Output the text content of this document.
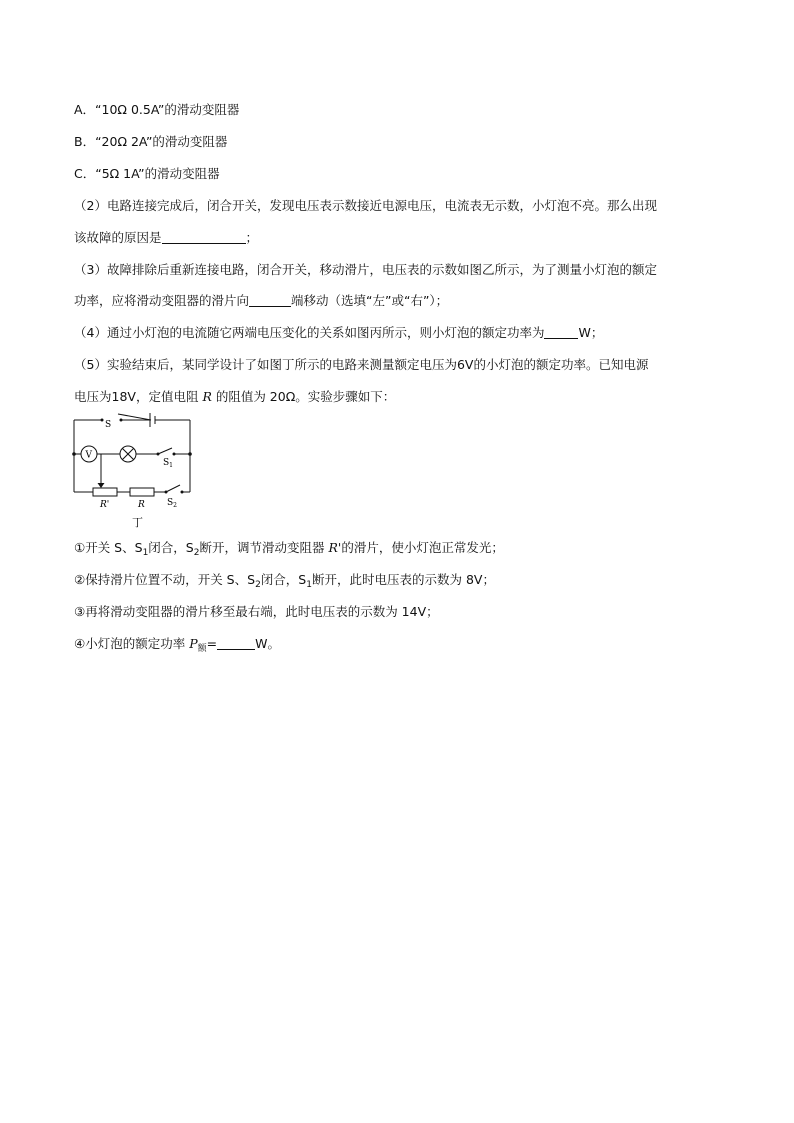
A．“10Ω 0.5A”的滑动变阻器
B．“20Ω 2A”的滑动变阻器
C．“5Ω 1A”的滑动变阻器
（2）电路连接完成后，闭合开关，发现电压表示数接近电源电压，电流表无示数，小灯泡不亮。那么出现
该故障的原因是	；
（3）故障排除后重新连接电路，闭合开关，移动滑片，电压表的示数如图乙所示，为了测量小灯泡的额定
功率，应将滑动变阻器的滑片向	端移动（选填“左”或“右”）；
（4）通过小灯泡的电流随它两端电压变化的关系如图丙所示，则小灯泡的额定功率为	W；
（5）实验结束后，某同学设计了如图丁所示的电路来测量额定电压为6V的小灯泡的额定功率。已知电源
电压为18V，定值电阻 R 的阻值为 20Ω。实验步骤如下：
S
V
$S_1$
$S_2$
R'	R
丁
①开关 S、$S_1$闭合，$S_2$断开，调节滑动变阻器 R'的滑片，使小灯泡正常发光；
②保持滑片位置不动，开关 S、$S_2$闭合，$S_1$断开，此时电压表的示数为 8V；
③再将滑动变阻器的滑片移至最右端，此时电压表的示数为 14V；
④小灯泡的额定功率 $P_额=$	W。
